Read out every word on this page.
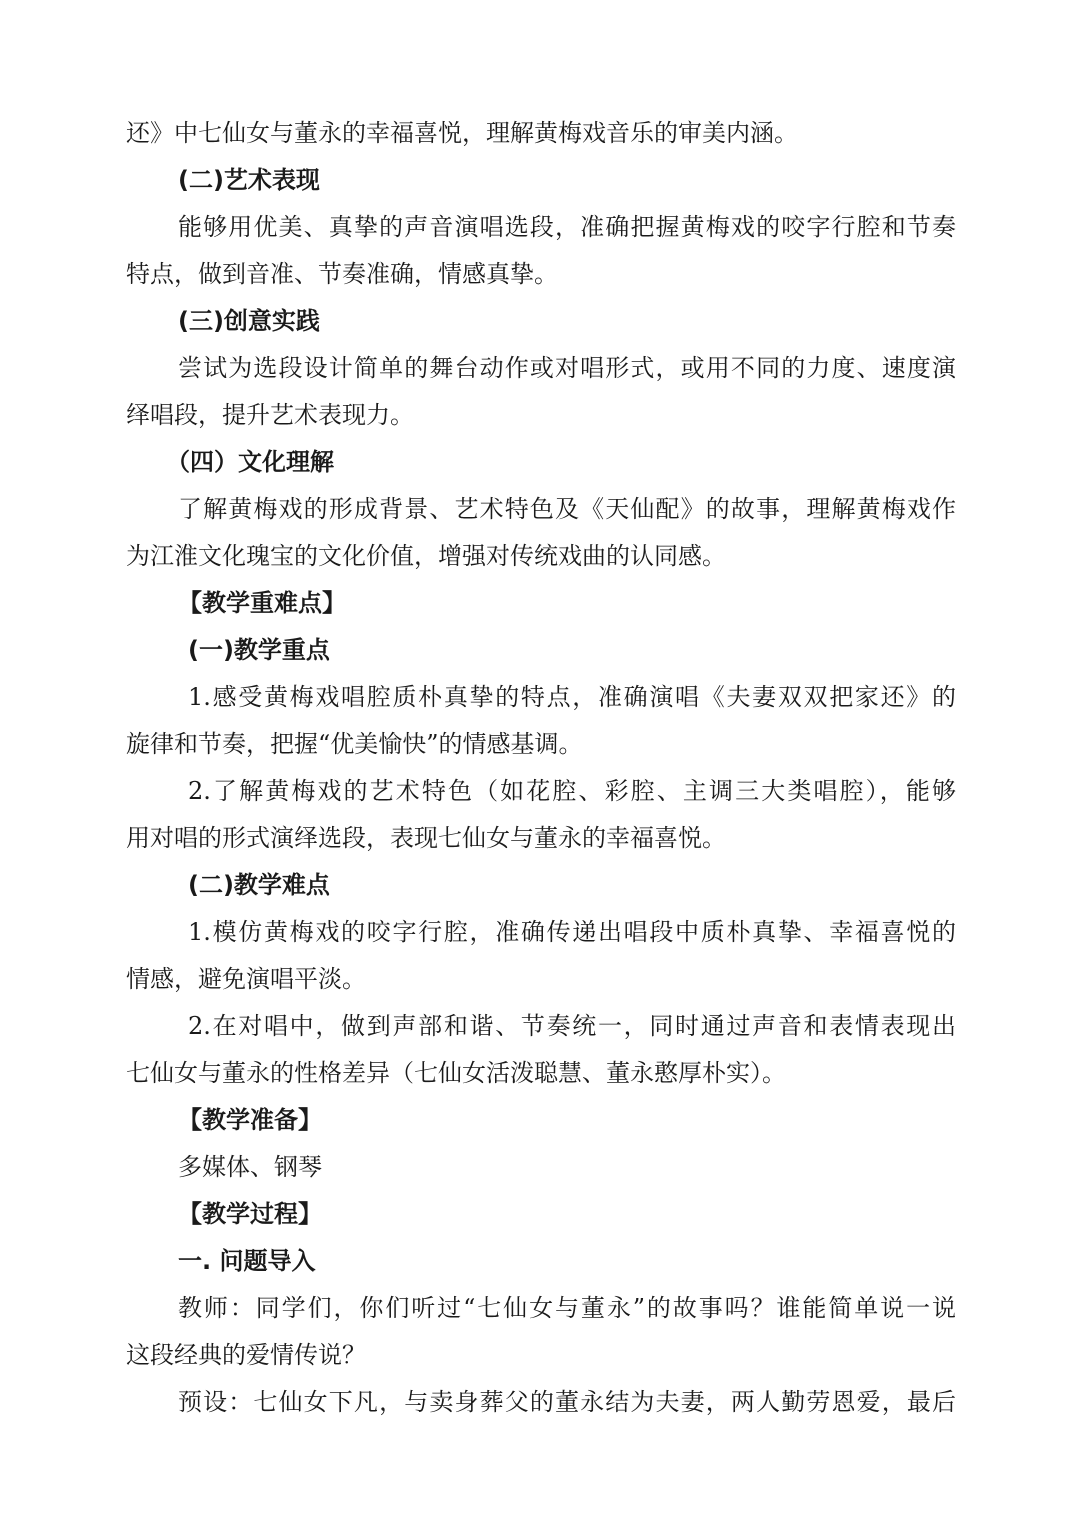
还》中七仙女与董永的幸福喜悦，理解黄梅戏音乐的审美内涵。
(二)艺术表现
能够用优美、真挚的声音演唱选段，准确把握黄梅戏的咬字行腔和节奏
特点，做到音准、节奏准确，情感真挚。
(三)创意实践
尝试为选段设计简单的舞台动作或对唱形式，或用不同的力度、速度演
绎唱段，提升艺术表现力。
（四）文化理解
了解黄梅戏的形成背景、艺术特色及《天仙配》的故事，理解黄梅戏作
为江淮文化瑰宝的文化价值，增强对传统戏曲的认同感。
【教学重难点】
(一)教学重点
1.感受黄梅戏唱腔质朴真挚的特点，准确演唱《夫妻双双把家还》的
旋律和节奏，把握“优美愉快”的情感基调。
2.了解黄梅戏的艺术特色（如花腔、彩腔、主调三大类唱腔），能够
用对唱的形式演绎选段，表现七仙女与董永的幸福喜悦。
(二)教学难点
1.模仿黄梅戏的咬字行腔，准确传递出唱段中质朴真挚、幸福喜悦的
情感，避免演唱平淡。
2.在对唱中，做到声部和谐、节奏统一，同时通过声音和表情表现出
七仙女与董永的性格差异（七仙女活泼聪慧、董永憨厚朴实）。
【教学准备】
多媒体、钢琴
【教学过程】
一. 问题导入
教师：同学们，你们听过“七仙女与董永”的故事吗？谁能简单说一说
这段经典的爱情传说？
预设：七仙女下凡，与卖身葬父的董永结为夫妻，两人勤劳恩爱，最后
